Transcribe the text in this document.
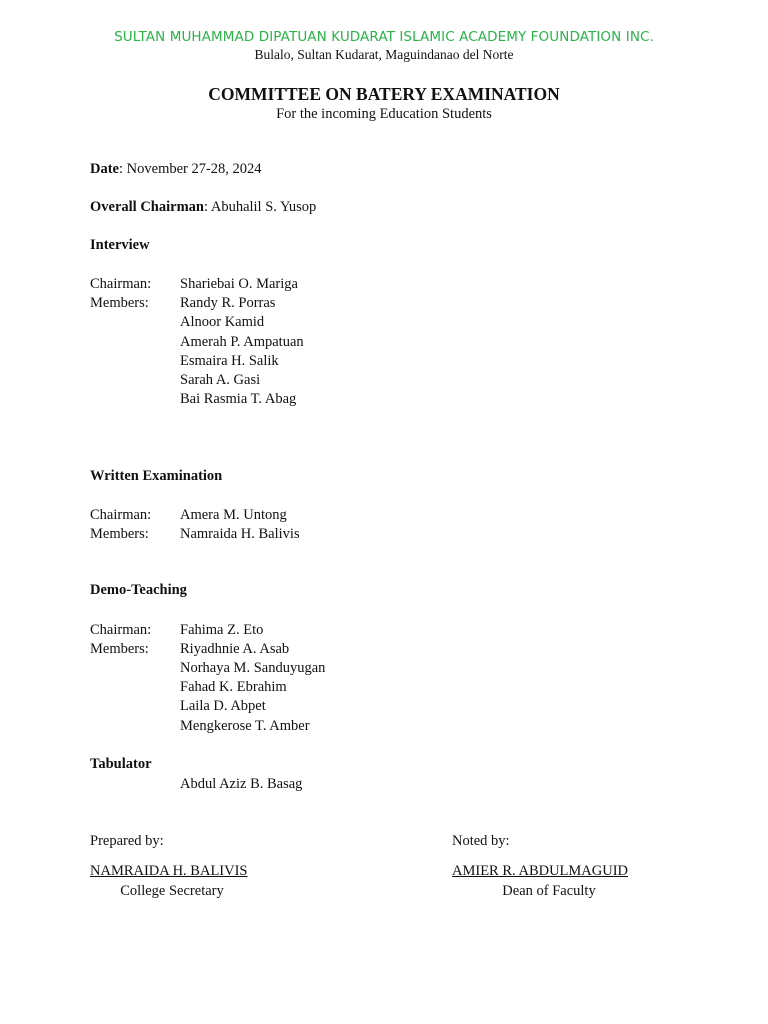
SULTAN MUHAMMAD DIPATUAN KUDARAT ISLAMIC ACADEMY FOUNDATION INC.
Bulalo, Sultan Kudarat, Maguindanao del Norte
COMMITTEE ON BATERY EXAMINATION
For the incoming Education Students
Date: November 27-28, 2024
Overall Chairman: Abuhalil S. Yusop
Interview
Chairman: Shariebai O. Mariga
Members: Randy R. Porras
Alnoor Kamid
Amerah P. Ampatuan
Esmaira H. Salik
Sarah A. Gasi
Bai Rasmia T. Abag
Written Examination
Chairman: Amera M. Untong
Members: Namraida H. Balivis
Demo-Teaching
Chairman: Fahima Z. Eto
Members: Riyadhnie A. Asab
Norhaya M. Sanduyugan
Fahad K. Ebrahim
Laila D. Abpet
Mengkerose T. Amber
Tabulator
Abdul Aziz B. Basag
Prepared by:
NAMRAIDA H. BALIVIS
College Secretary
Noted by:
AMIER R. ABDULMAGUID
Dean of Faculty
